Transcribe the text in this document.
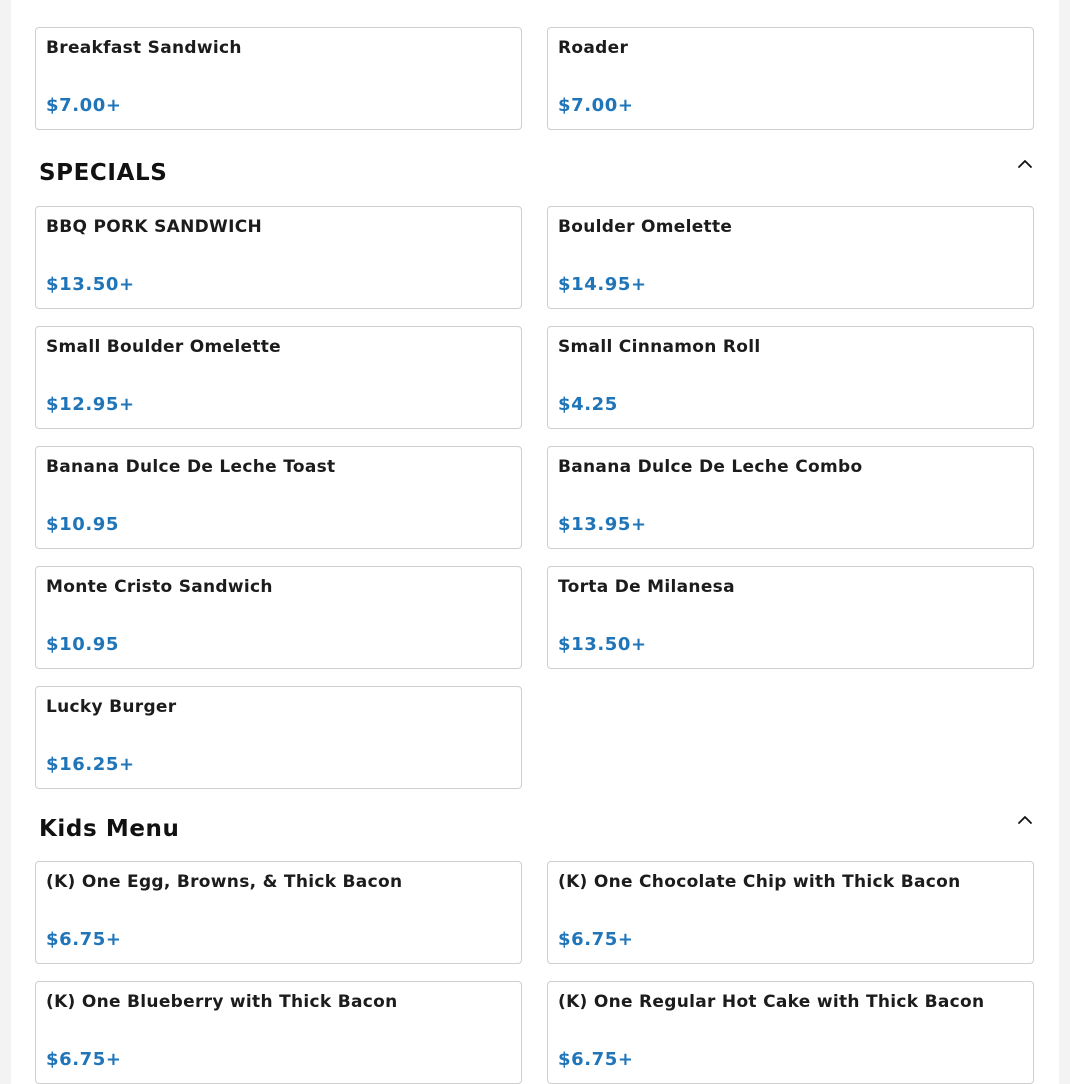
Breakfast Sandwich
$7.00+
Roader
$7.00+
SPECIALS
BBQ PORK SANDWICH
$13.50+
Boulder Omelette
$14.95+
Small Boulder Omelette
$12.95+
Small Cinnamon Roll
$4.25
Banana Dulce De Leche Toast
$10.95
Banana Dulce De Leche Combo
$13.95+
Monte Cristo Sandwich
$10.95
Torta De Milanesa
$13.50+
Lucky Burger
$16.25+
Kids Menu
(K) One Egg, Browns, & Thick Bacon
$6.75+
(K) One Chocolate Chip with Thick Bacon
$6.75+
(K) One Blueberry with Thick Bacon
$6.75+
(K) One Regular Hot Cake with Thick Bacon
$6.75+
